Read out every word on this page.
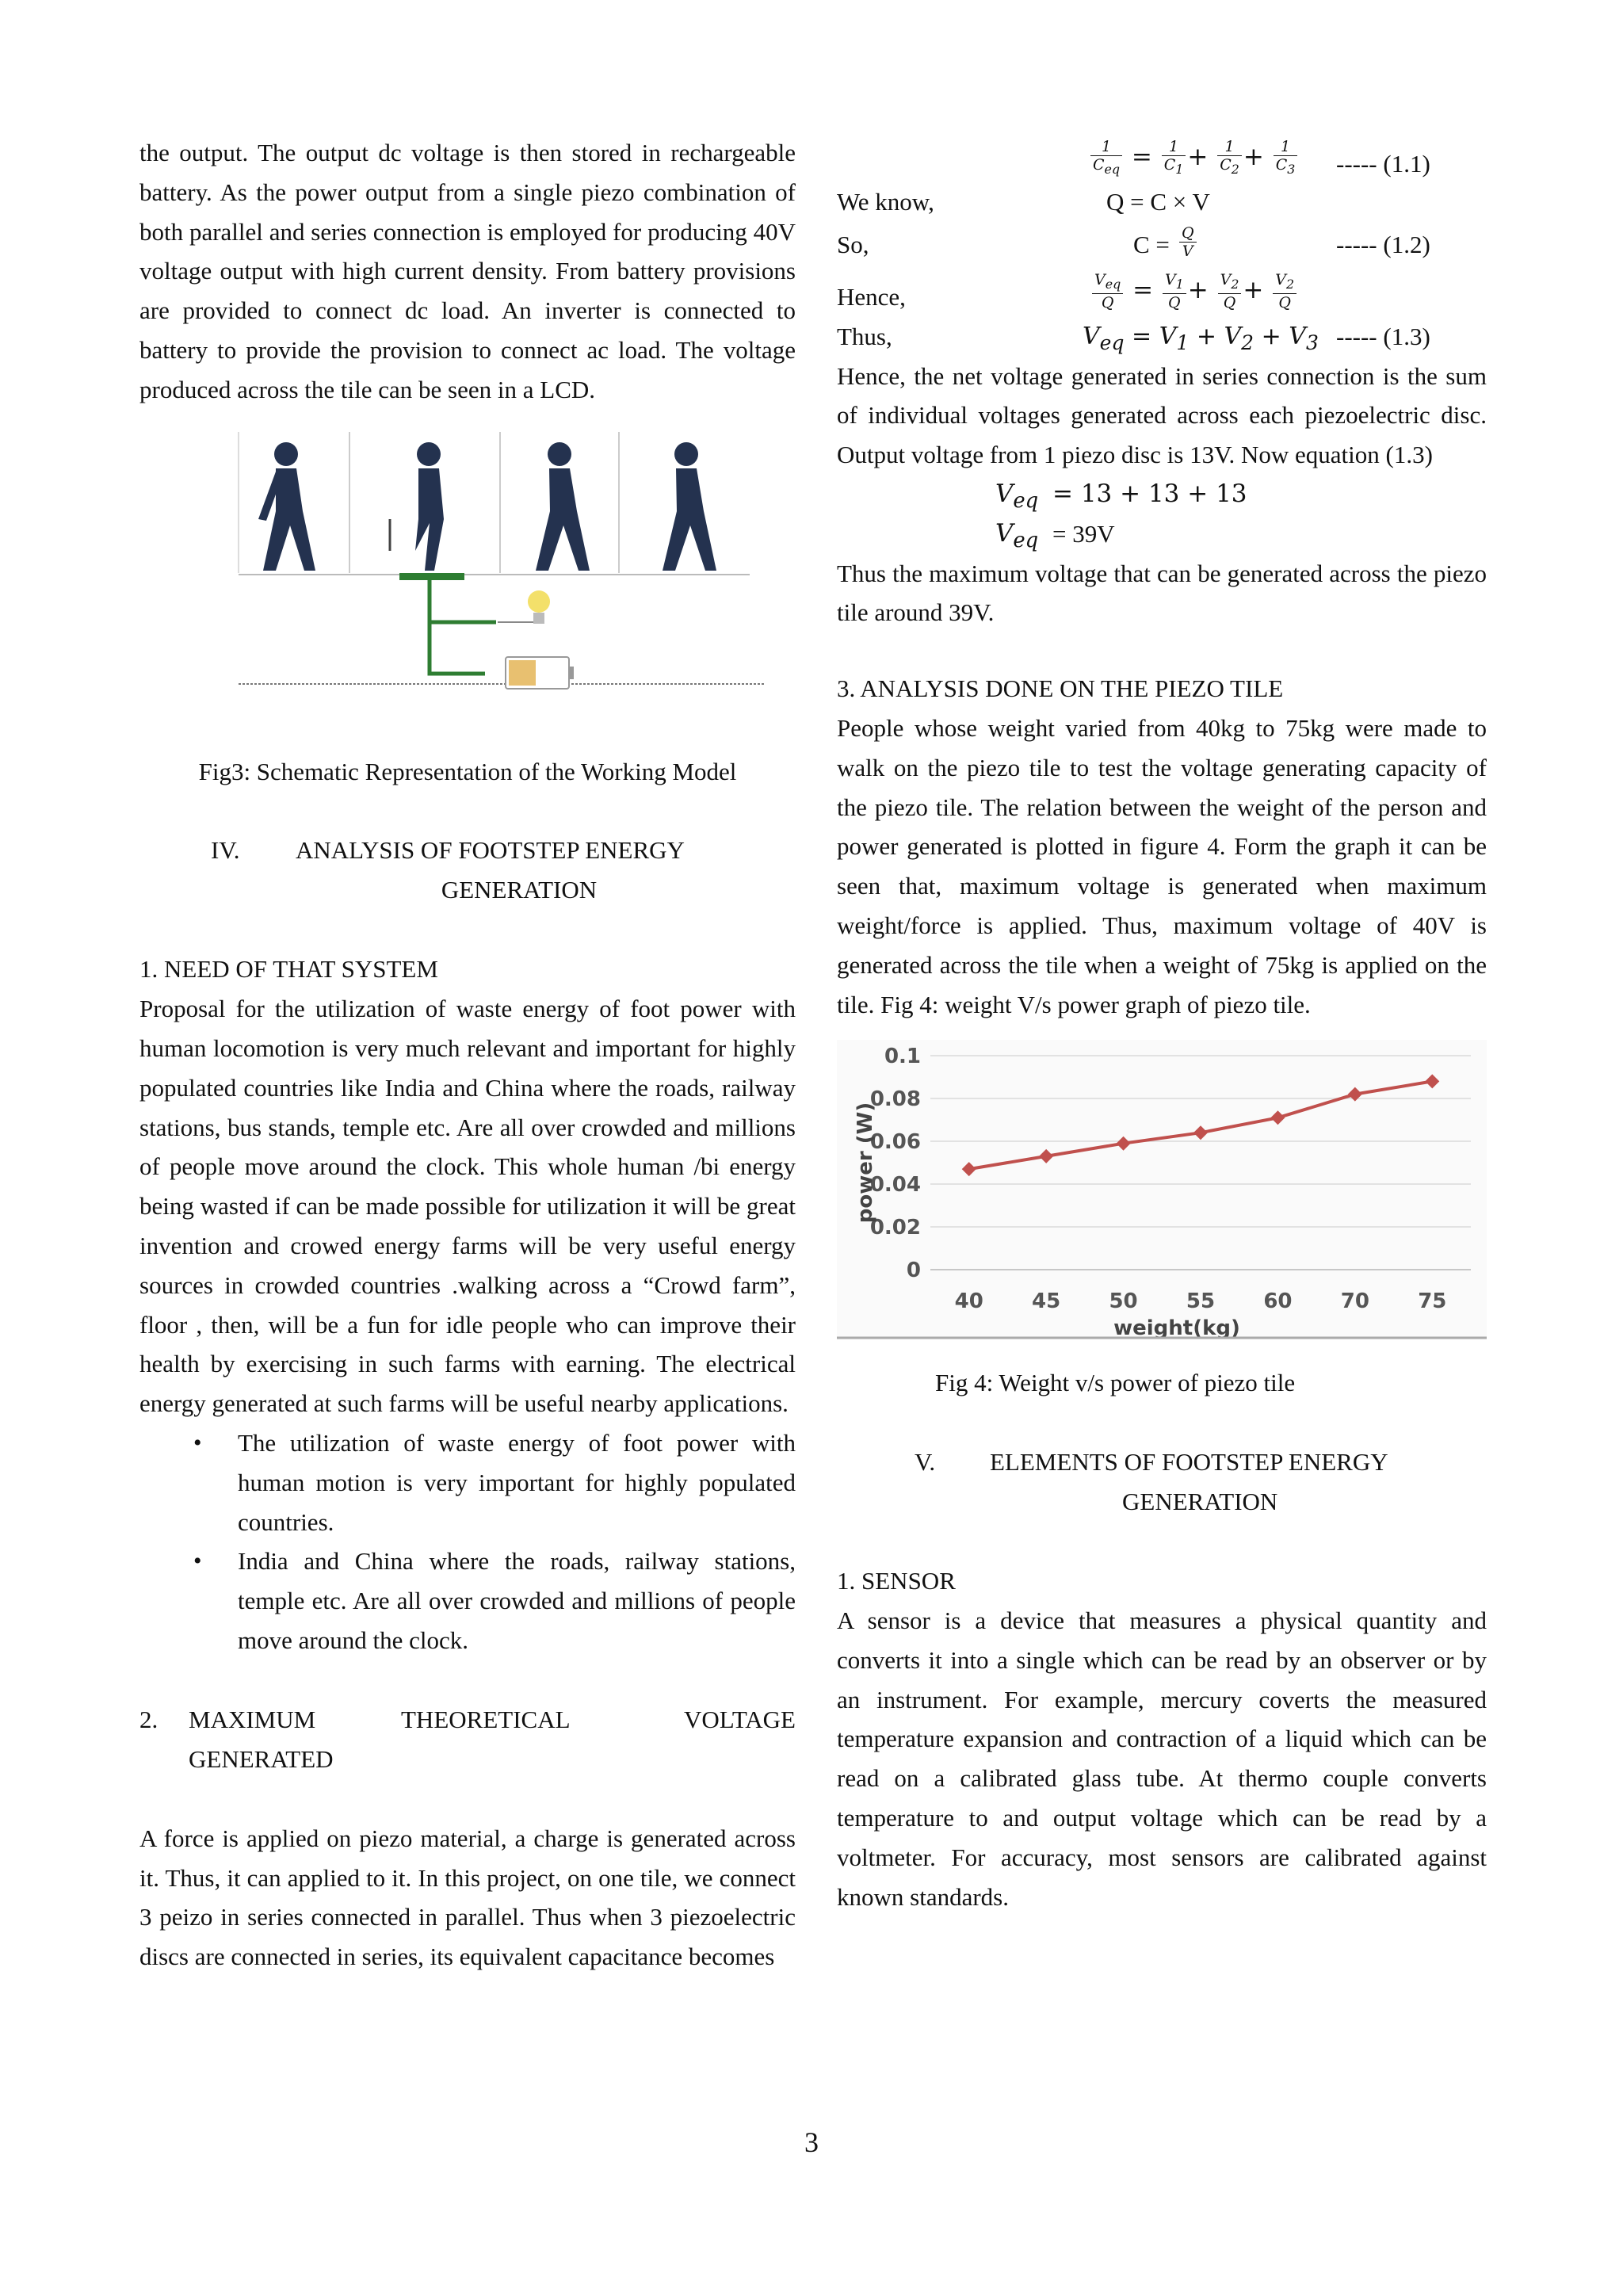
the output. The output dc voltage is then stored in rechargeable battery. As the power output from a single piezo combination of both parallel and series connection is employed for producing 40V voltage output with high current density. From battery provisions are provided to connect dc load. An inverter is connected to battery to provide the provision to connect ac load. The voltage produced across the tile can be seen in a LCD.

Fig3: Schematic Representation of the Working Model

IV. ANALYSIS OF FOOTSTEP ENERGY
GENERATION

1. NEED OF THAT SYSTEM

Proposal for the utilization of waste energy of foot power with human locomotion is very much relevant and important for highly populated countries like India and China where the roads, railway stations, bus stands, temple etc. Are all over crowded and millions of people move around the clock. This whole human /bi energy being wasted if can be made possible for utilization it will be great invention and crowed energy farms will be very useful energy sources in crowded countries .walking across a “Crowd farm”, floor , then, will be a fun for idle people who can improve their health by exercising in such farms with earning. The electrical energy generated at such farms will be useful nearby applications.

• The utilization of waste energy of foot power with human motion is very important for highly populated countries.
• India and China where the roads, railway stations, temple etc. Are all over crowded and millions of people move around the clock.
2. MAXIMUM	THEORETICAL	VOLTAGE
GENERATED

A force is applied on piezo material, a charge is generated across it. Thus, it can applied to it. In this project, on one tile, we connect 3 peizo in series connected in parallel. Thus when 3 piezoelectric discs are connected in series, its equivalent capacitance becomes

$\frac{1}{C_{eq}} = \frac{1}{C_1} + \frac{1}{C_2} + \frac{1}{C_3}$ ----- (1.1)
We know,	Q = C × V
So,	$C = \frac{Q}{V}$	----- (1.2)
Hence,	$\frac{V_{eq}}{Q} = \frac{V_1}{Q} + \frac{V_2}{Q} + \frac{V_2}{Q}$
Thus,	$V_{eq} = V_1 + V_2 + V_3$ ----- (1.3)

Hence, the net voltage generated in series connection is the sum of individual voltages generated across each piezoelectric disc. Output voltage from 1 piezo disc is 13V. Now equation (1.3)

$V_{eq} = 13 + 13 + 13$
$V_{eq} = 39V$

Thus the maximum voltage that can be generated across the piezo tile around 39V.

3. ANALYSIS DONE ON THE PIEZO TILE

People whose weight varied from 40kg to 75kg were made to walk on the piezo tile to test the voltage generating capacity of the piezo tile. The relation between the weight of the person and power generated is plotted in figure 4. Form the graph it can be seen that, maximum voltage is generated when maximum weight/force is applied. Thus, maximum voltage of 40V is generated across the tile when a weight of 75kg is applied on the tile. Fig 4: weight V/s power graph of piezo tile.

0
0.02
0.04
0.06
0.08
0.1
40 45 50 55 60 70 75
weight(kg)
power (W)

Fig 4: Weight v/s power of piezo tile

V. ELEMENTS OF FOOTSTEP ENERGY
GENERATION

1. SENSOR

A sensor is a device that measures a physical quantity and converts it into a single which can be read by an observer or by an instrument. For example, mercury coverts the measured temperature expansion and contraction of a liquid which can be read on a calibrated glass tube. At thermo couple converts temperature to and output voltage which can be read by a voltmeter. For accuracy, most sensors are calibrated against known standards.

3
